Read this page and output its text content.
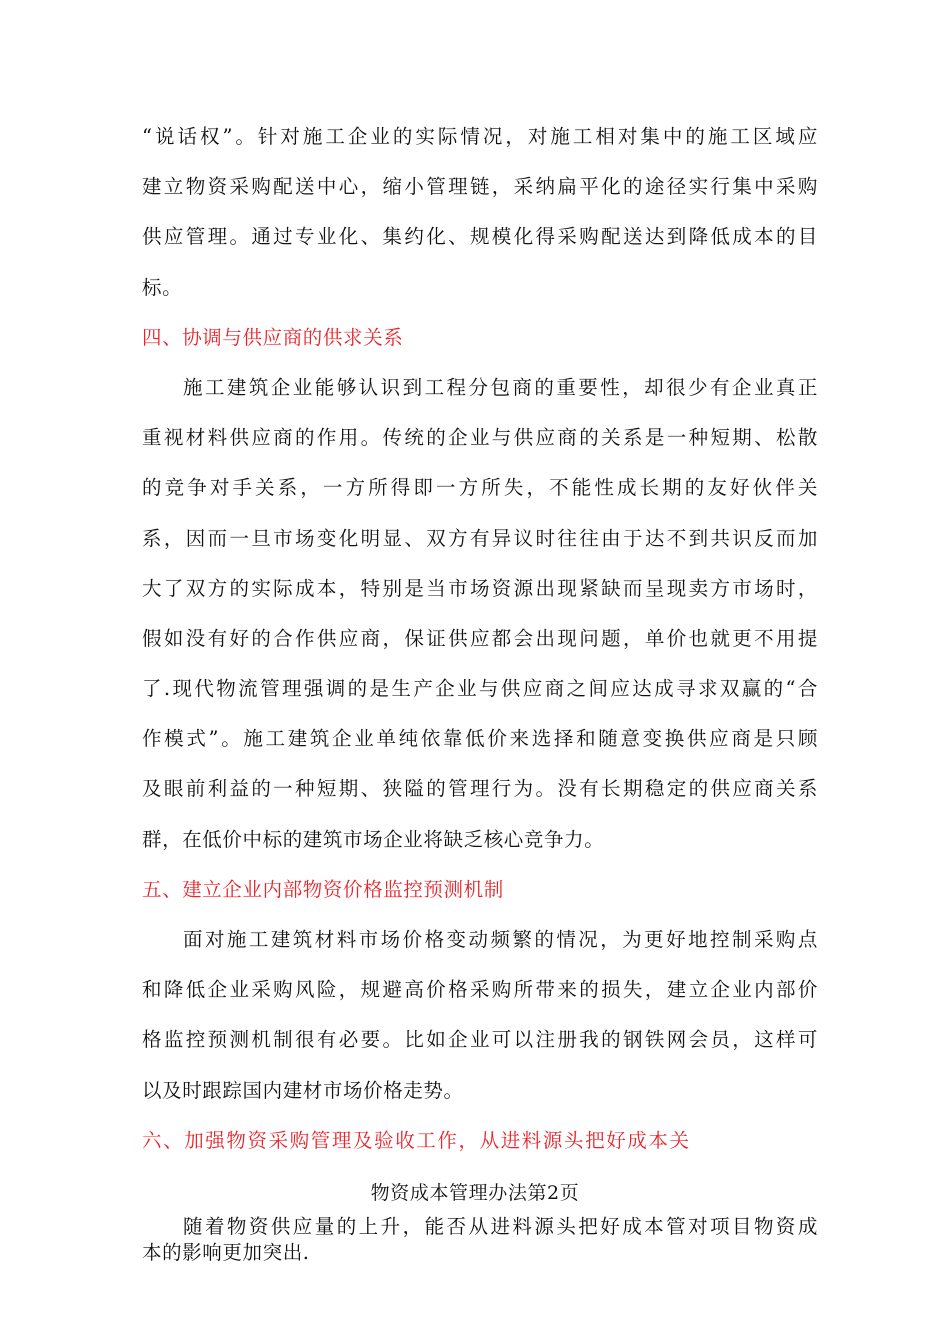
“说话权”。针对施工企业的实际情况，对施工相对集中的施工区域应
建立物资采购配送中心，缩小管理链，采纳扁平化的途径实行集中采购
供应管理。通过专业化、集约化、规模化得采购配送达到降低成本的目
标。
四、协调与供应商的供求关系
施工建筑企业能够认识到工程分包商的重要性，却很少有企业真正
重视材料供应商的作用。传统的企业与供应商的关系是一种短期、松散
的竞争对手关系，一方所得即一方所失，不能性成长期的友好伙伴关
系，因而一旦市场变化明显、双方有异议时往往由于达不到共识反而加
大了双方的实际成本，特别是当市场资源出现紧缺而呈现卖方市场时，
假如没有好的合作供应商，保证供应都会出现问题，单价也就更不用提
了.现代物流管理强调的是生产企业与供应商之间应达成寻求双赢的“合
作模式”。施工建筑企业单纯依靠低价来选择和随意变换供应商是只顾
及眼前利益的一种短期、狭隘的管理行为。没有长期稳定的供应商关系
群，在低价中标的建筑市场企业将缺乏核心竞争力。
五、建立企业内部物资价格监控预测机制
面对施工建筑材料市场价格变动频繁的情况，为更好地控制采购点
和降低企业采购风险，规避高价格采购所带来的损失，建立企业内部价
格监控预测机制很有必要。比如企业可以注册我的钢铁网会员，这样可
以及时跟踪国内建材市场价格走势。
六、加强物资采购管理及验收工作，从进料源头把好成本关
物资成本管理办法第2页
随着物资供应量的上升，能否从进料源头把好成本管对项目物资成
本的影响更加突出.
